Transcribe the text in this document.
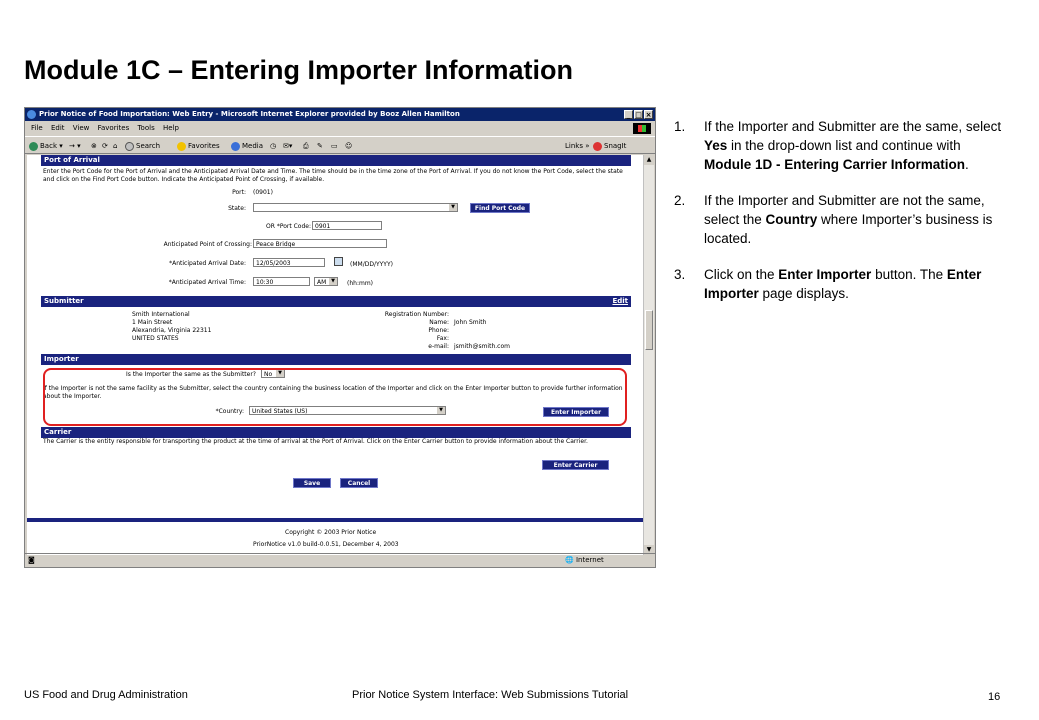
Module 1C – Entering Importer Information
Prior Notice of Food Importation: Web Entry - Microsoft Internet Explorer provided by Booz Allen Hamilton	_ □ ×
File Edit View Favorites Tools Help
Back ▾ → ▾ ⊗ ⟳ ⌂	Search	Favorites	Media ◷ ✉▾ ⎙ ✎ ▭ ☺	Links »	SnagIt
Port of Arrival
Enter the Port Code for the Port of Arrival and the Anticipated Arrival Date and Time. The time should be in the time zone of the Port of Arrival. If you do not know the Port Code, select the state and click on the Find Port Code button. Indicate the Anticipated Point of Crossing, if available.
Port: (0901)
State:	▼	Find Port Code
OR *Port Code: 0901
Anticipated Point of Crossing: Peace Bridge
*Anticipated Arrival Date:	12/05/2003	(MM/DD/YYYY)
*Anticipated Arrival Time:	10:30	AM ▼	(hh:mm)
Submitter	Edit
Smith International
1 Main Street
Alexandria, Virginia 22311
UNITED STATES
Registration Number:
Name: John Smith
Phone:
Fax:
e-mail: jsmith@smith.com
Importer
Is the Importer the same as the Submitter?	No	▼
If the Importer is not the same facility as the Submitter, select the country containing the business location of the Importer and click on the Enter Importer button to provide further information about the Importer.
*Country:	United States (US)	▼	Enter Importer
Carrier
The Carrier is the entity responsible for transporting the product at the time of arrival at the Port of Arrival. Click on the Enter Carrier button to provide information about the Carrier.
Enter Carrier
Save	Cancel
Copyright © 2003 Prior Notice
PriorNotice v1.0 build-0.0.51, December 4, 2003
▲
▼
◙	🌐 Internet
1. If the Importer and Submitter are the same, select Yes in the drop-down list and continue with Module 1D - Entering Carrier Information.
2. If the Importer and Submitter are not the same, select the Country where Importer’s business is located.
3. Click on the Enter Importer button. The Enter Importer page displays.
US Food and Drug Administration	Prior Notice System Interface: Web Submissions Tutorial	16
